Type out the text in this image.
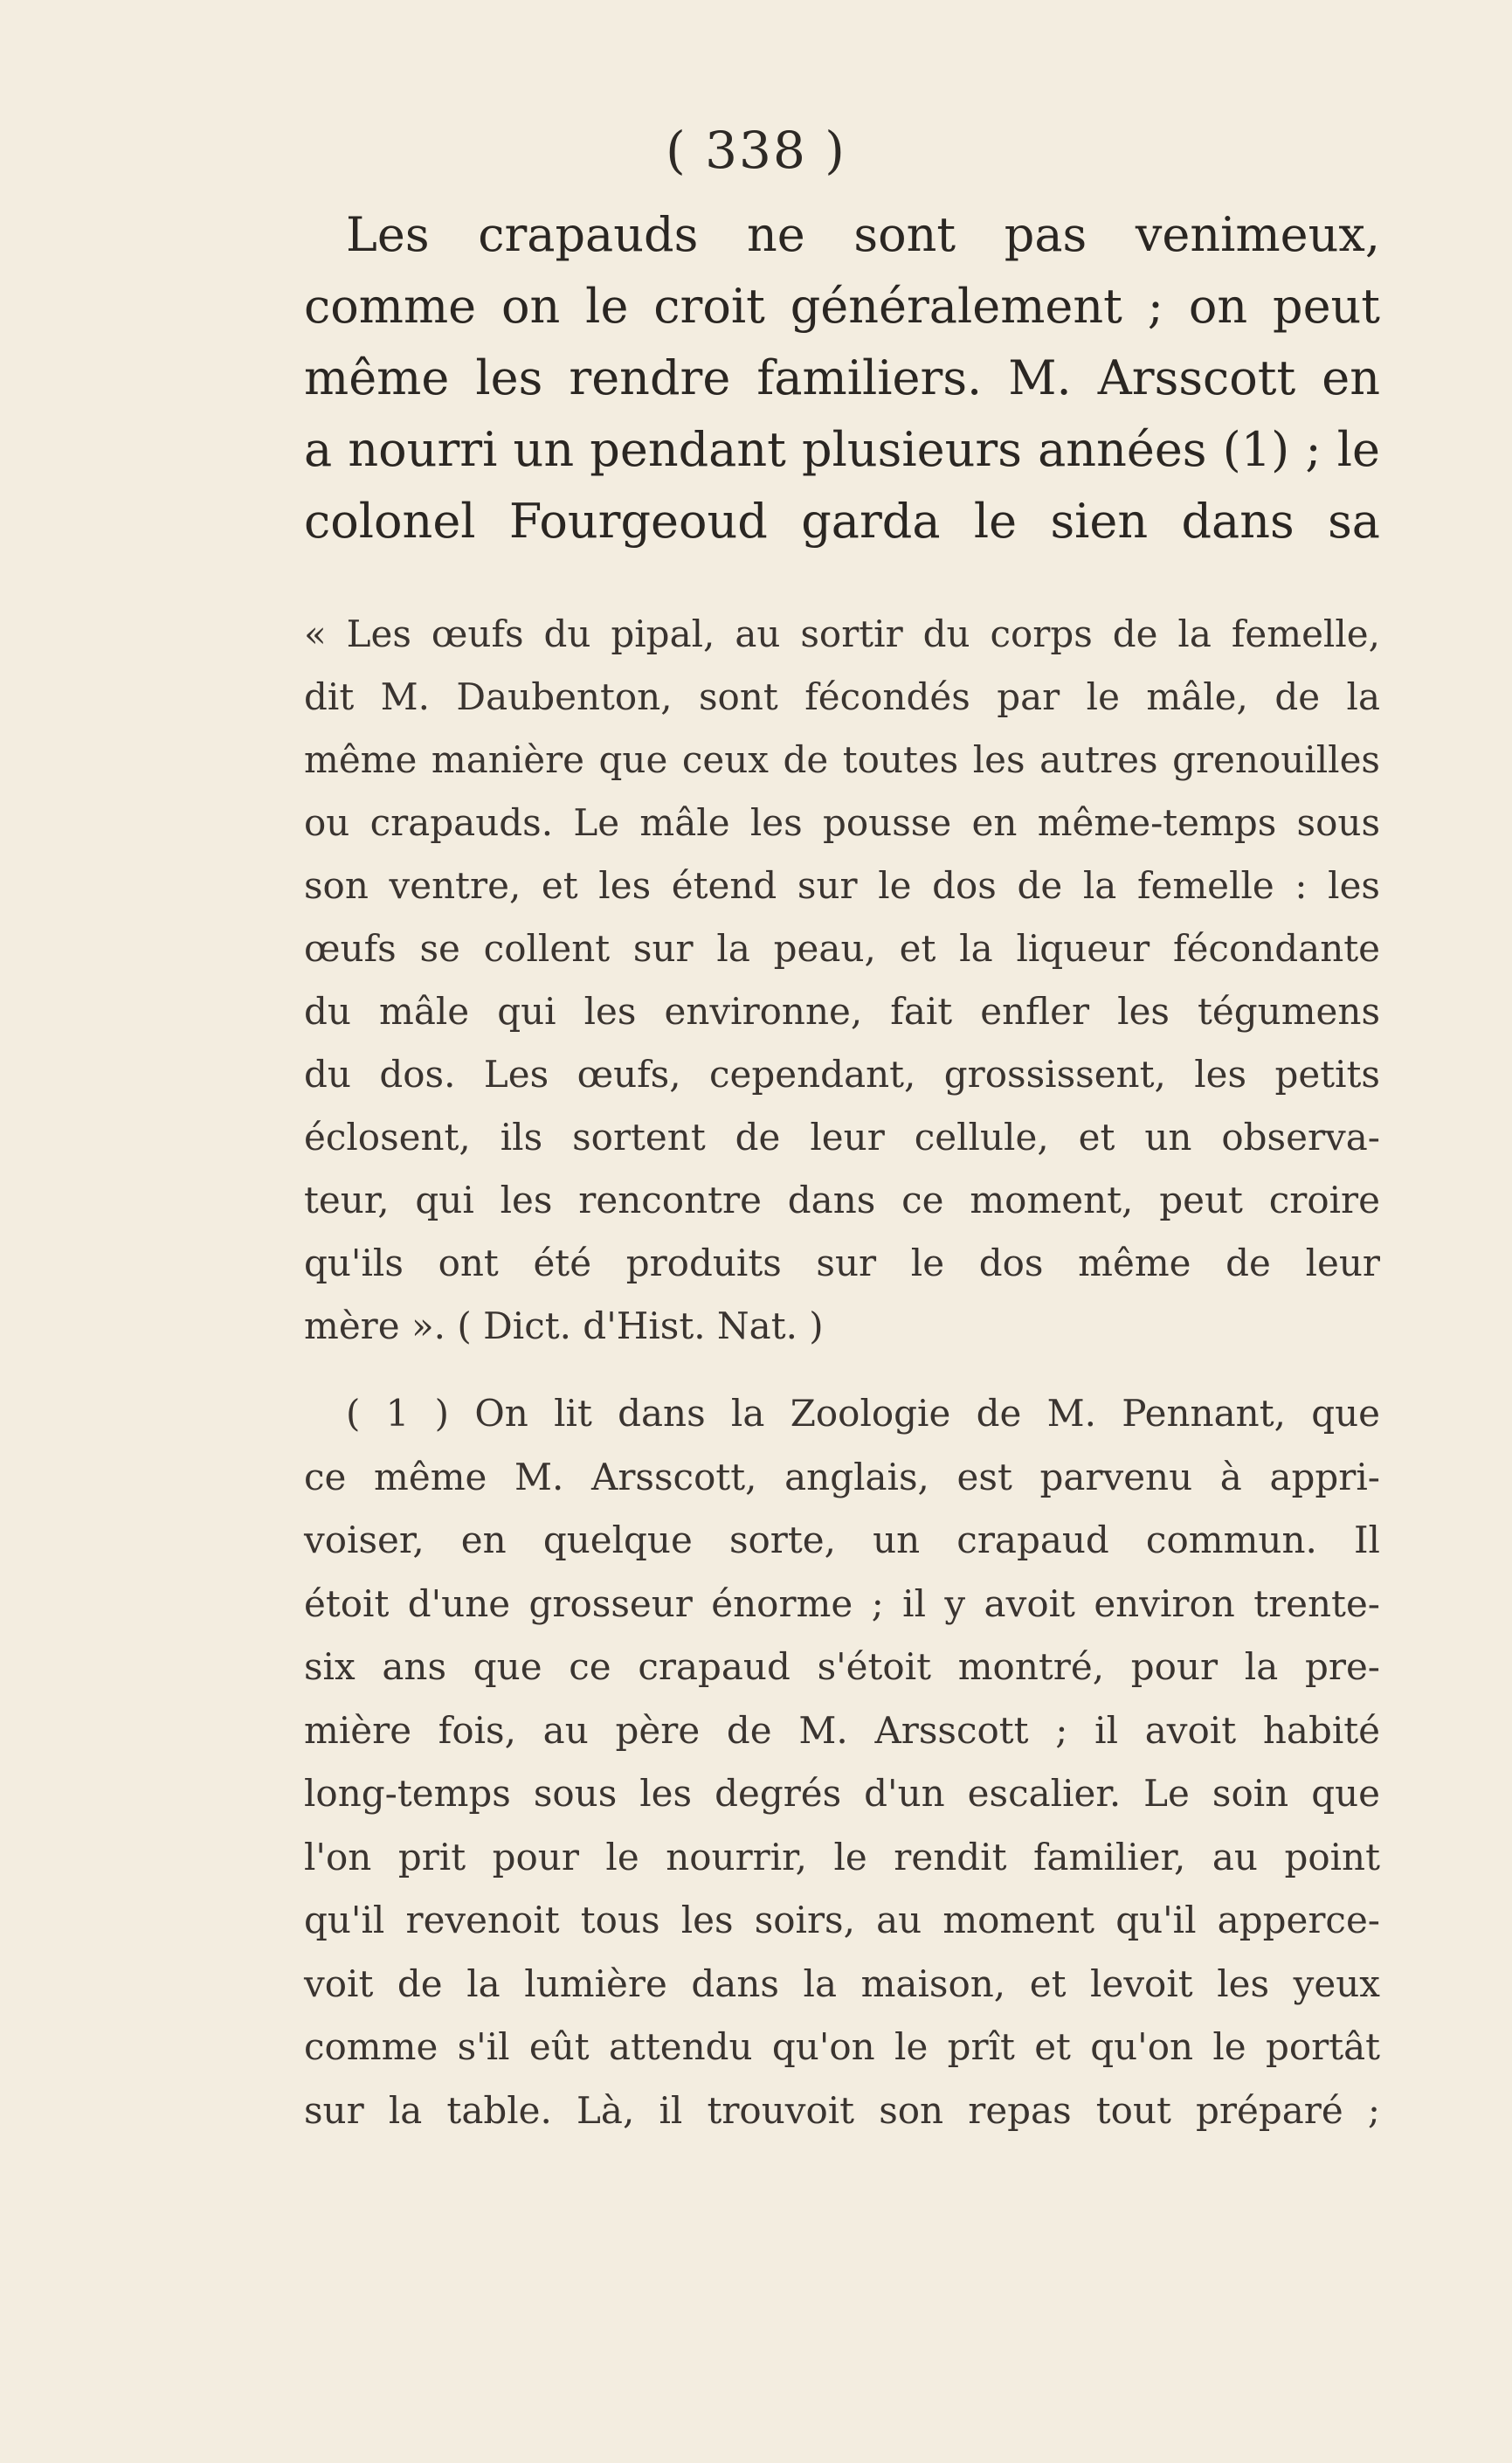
( 338 )
Les crapauds ne sont pas venimeux,
comme on le croit généralement ; on peut
même les rendre familiers. M. Arsscott en
a nourri un pendant plusieurs années (1) ; le
colonel Fourgeoud garda le sien dans sa
« Les œufs du pipal, au sortir du corps de la femelle,
dit M. Daubenton, sont fécondés par le mâle, de la
même manière que ceux de toutes les autres grenouilles
ou crapauds. Le mâle les pousse en même-temps sous
son ventre, et les étend sur le dos de la femelle : les
œufs se collent sur la peau, et la liqueur fécondante
du mâle qui les environne, fait enfler les tégumens
du dos. Les œufs, cependant, grossissent, les petits
éclosent, ils sortent de leur cellule, et un observa-
teur, qui les rencontre dans ce moment, peut croire
qu'ils ont été produits sur le dos même de leur
mère ». ( Dict. d'Hist. Nat. )
( 1 ) On lit dans la Zoologie de M. Pennant, que
ce même M. Arsscott, anglais, est parvenu à appri-
voiser, en quelque sorte, un crapaud commun. Il
étoit d'une grosseur énorme ; il y avoit environ trente-
six ans que ce crapaud s'étoit montré, pour la pre-
mière fois, au père de M. Arsscott ; il avoit habité
long-temps sous les degrés d'un escalier. Le soin que
l'on prit pour le nourrir, le rendit familier, au point
qu'il revenoit tous les soirs, au moment qu'il apperce-
voit de la lumière dans la maison, et levoit les yeux
comme s'il eût attendu qu'on le prît et qu'on le portât
sur la table. Là, il trouvoit son repas tout préparé ;
